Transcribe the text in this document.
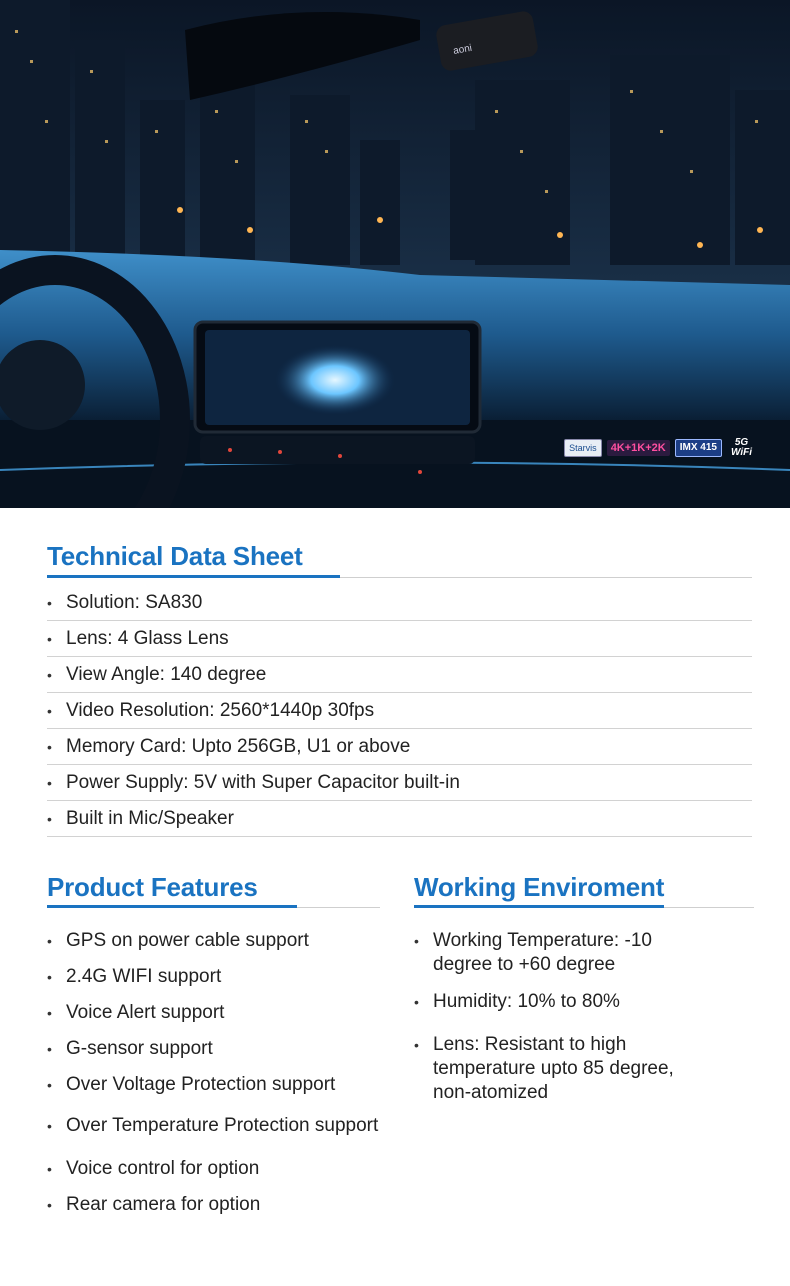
aoni
Starvis	4K+1K+2K	IMX 415	5G
WiFi
Technical Data Sheet
• Solution: SA830
• Lens: 4 Glass Lens
• View Angle: 140 degree
• Video Resolution: 2560*1440p 30fps
• Memory Card: Upto 256GB, U1 or above
• Power Supply: 5V with Super Capacitor built-in
• Built in Mic/Speaker
Product Features
• GPS on power cable support
• 2.4G WIFI support
• Voice Alert support
• G-sensor support
• Over Voltage Protection support
• Over Temperature Protection support
• Voice control for option
• Rear camera for option
Working Enviroment
• Working Temperature: -10 degree to +60 degree
• Humidity: 10% to 80%
• Lens: Resistant to high temperature upto 85 degree, non-atomized
